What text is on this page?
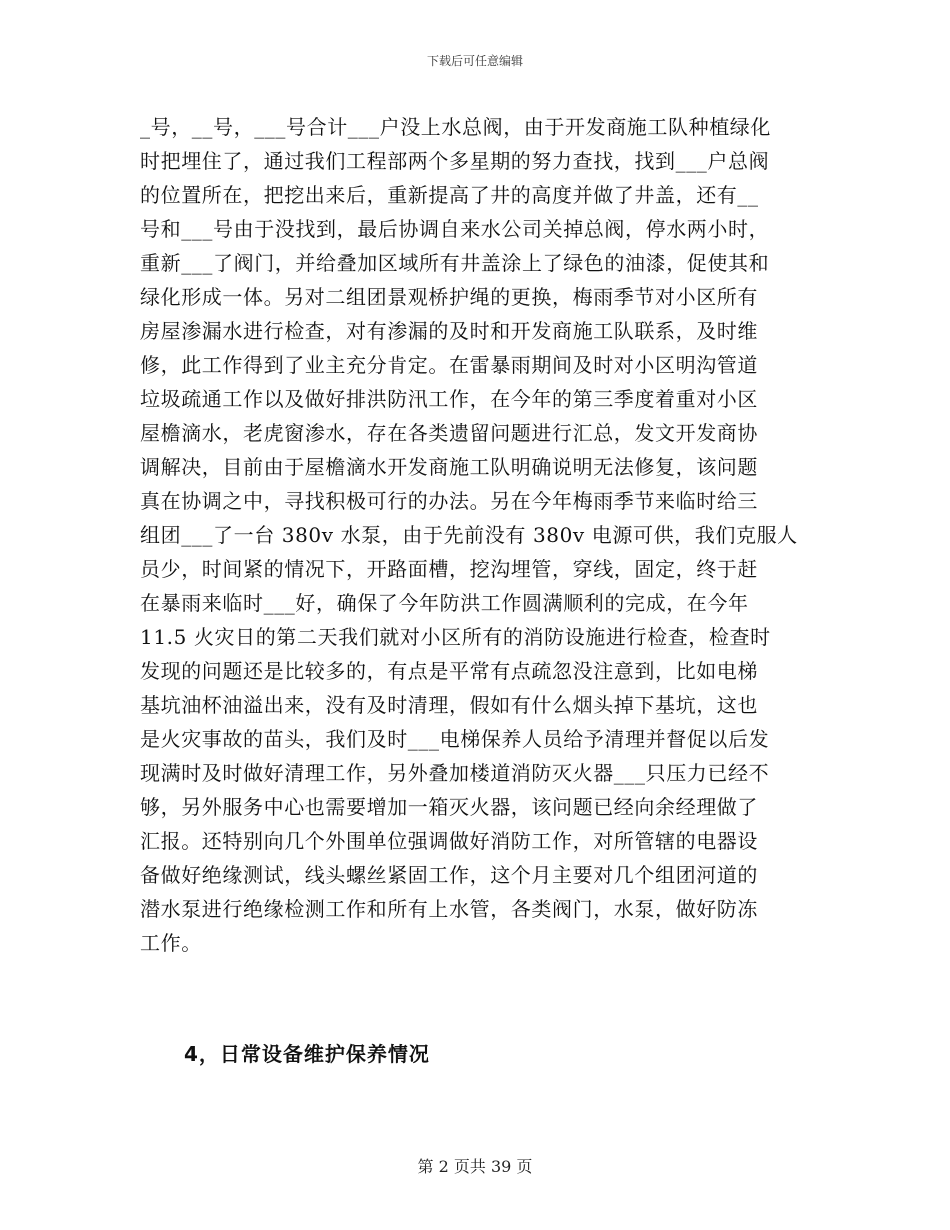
下载后可任意编辑
_号，__号，___号合计___户没上水总阀，由于开发商施工队种植绿化
时把埋住了，通过我们工程部两个多星期的努力查找，找到___户总阀
的位置所在，把挖出来后，重新提高了井的高度并做了井盖，还有__
号和___号由于没找到，最后协调自来水公司关掉总阀，停水两小时，
重新___了阀门，并给叠加区域所有井盖涂上了绿色的油漆，促使其和
绿化形成一体。另对二组团景观桥护绳的更换，梅雨季节对小区所有
房屋渗漏水进行检查，对有渗漏的及时和开发商施工队联系，及时维
修，此工作得到了业主充分肯定。在雷暴雨期间及时对小区明沟管道
垃圾疏通工作以及做好排洪防汛工作，在今年的第三季度着重对小区
屋檐滴水，老虎窗渗水，存在各类遗留问题进行汇总，发文开发商协
调解决，目前由于屋檐滴水开发商施工队明确说明无法修复，该问题
真在协调之中，寻找积极可行的办法。另在今年梅雨季节来临时给三
组团___了一台 380v 水泵，由于先前没有 380v 电源可供，我们克服人
员少，时间紧的情况下，开路面槽，挖沟埋管，穿线，固定，终于赶
在暴雨来临时___好，确保了今年防洪工作圆满顺利的完成，在今年
11.5 火灾日的第二天我们就对小区所有的消防设施进行检查，检查时
发现的问题还是比较多的，有点是平常有点疏忽没注意到，比如电梯
基坑油杯油溢出来，没有及时清理，假如有什么烟头掉下基坑，这也
是火灾事故的苗头，我们及时___电梯保养人员给予清理并督促以后发
现满时及时做好清理工作，另外叠加楼道消防灭火器___只压力已经不
够，另外服务中心也需要增加一箱灭火器，该问题已经向余经理做了
汇报。还特别向几个外围单位强调做好消防工作，对所管辖的电器设
备做好绝缘测试，线头螺丝紧固工作，这个月主要对几个组团河道的
潜水泵进行绝缘检测工作和所有上水管，各类阀门，水泵，做好防冻
工作。
4，日常设备维护保养情况
第 2 页共 39 页
